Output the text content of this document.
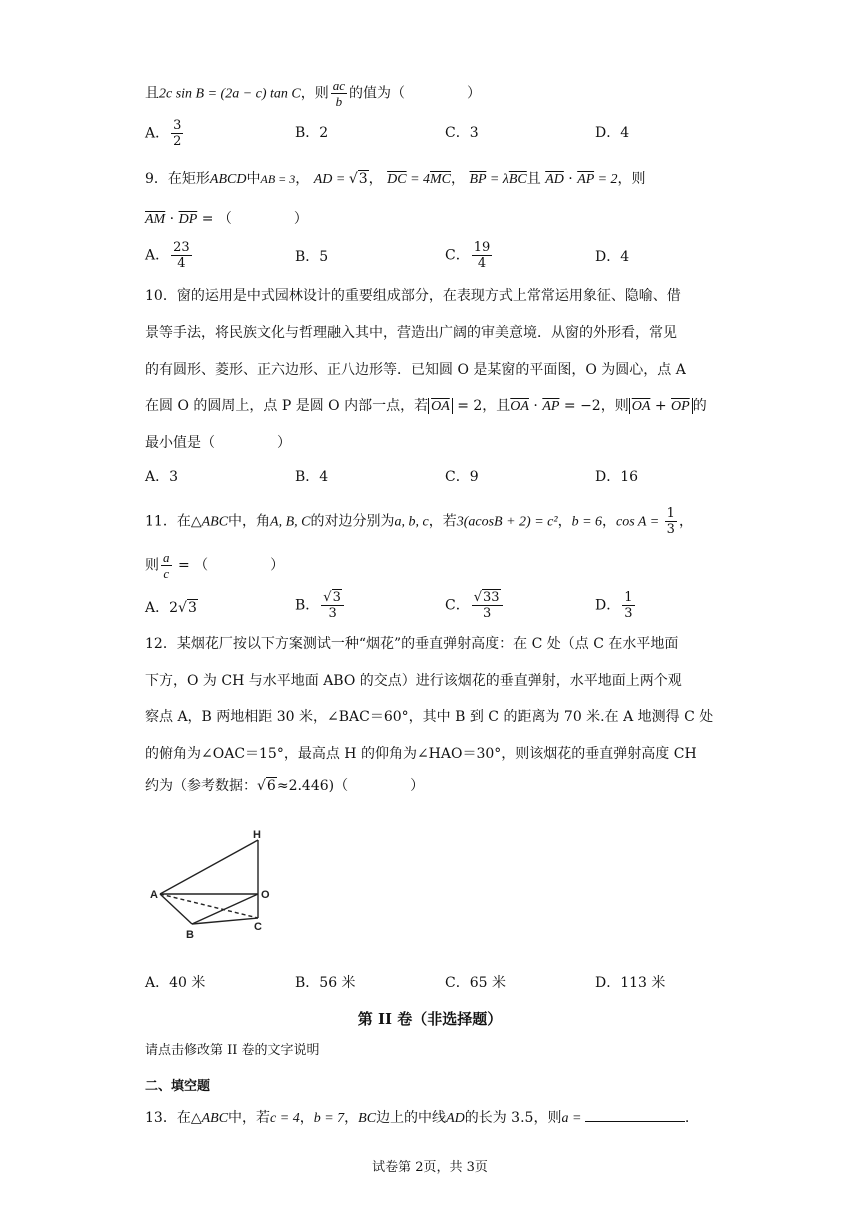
且2c sin B = (2a − c) tan C，则 $\frac{ac}{b}$ 的值为（	）
A． $\frac{3}{2}$	B．2	C．3	D．4
9．在矩形ABCD中AB = 3， AD = √3， $\overline{DC} = 4\overline{MC}$， $\overline{BP} = \lambda\overline{BC}$且 $\overline{AD} \cdot \overline{AP} = 2$，则
$\overline{AM} \cdot \overline{DP}$ = （	）
A． $\frac{23}{4}$	B．5	C． $\frac{19}{4}$	D．4
10．窗的运用是中式园林设计的重要组成部分，在表现方式上常常运用象征、隐喻、借
景等手法，将民族文化与哲理融入其中，营造出广阔的审美意境．从窗的外形看，常见
的有圆形、菱形、正六边形、正八边形等．已知圆 O 是某窗的平面图，O 为圆心，点 A
在圆 O 的圆周上，点 P 是圆 O 内部一点，若 $\overline{OA} = 2$，且$\overline{OA} \cdot \overline{AP} = -2$，则 $\overline{OA} + \overline{OP}$ 的
最小值是（	）
A．3	B．4	C．9	D．16
11．在△ABC中，角A, B, C的对边分别为a, b, c，若3(acosB + 2) = c²，b = 6，$\cos A = \frac{1}{3}$ ，
则 $\frac{a}{c}$ = （	）
A．2√3	B． $\frac{√3}{3}$	C． $\frac{√33}{3}$	D． $\frac{1}{3}$
12．某烟花厂按以下方案测试一种“烟花”的垂直弹射高度：在 C 处（点 C 在水平地面
下方，O 为 CH 与水平地面 ABO 的交点）进行该烟花的垂直弹射，水平地面上两个观
察点 A，B 两地相距 30 米，∠BAC＝60°，其中 B 到 C 的距离为 70 米.在 A 地测得 C 处
的俯角为∠OAC＝15°，最高点 H 的仰角为∠HAO＝30°，则该烟花的垂直弹射高度 CH
约为（参考数据：√6≈2.446)（	）
H
A	O
B
C
A．40 米	B．56 米	C．65 米	D．113 米
第 II 卷（非选择题）
请点击修改第 II 卷的文字说明
二、填空题
13．在△ABC中，若c = 4，b = 7，BC边上的中线AD的长为 3.5，则a =	.
试卷第 2页，共 3页
